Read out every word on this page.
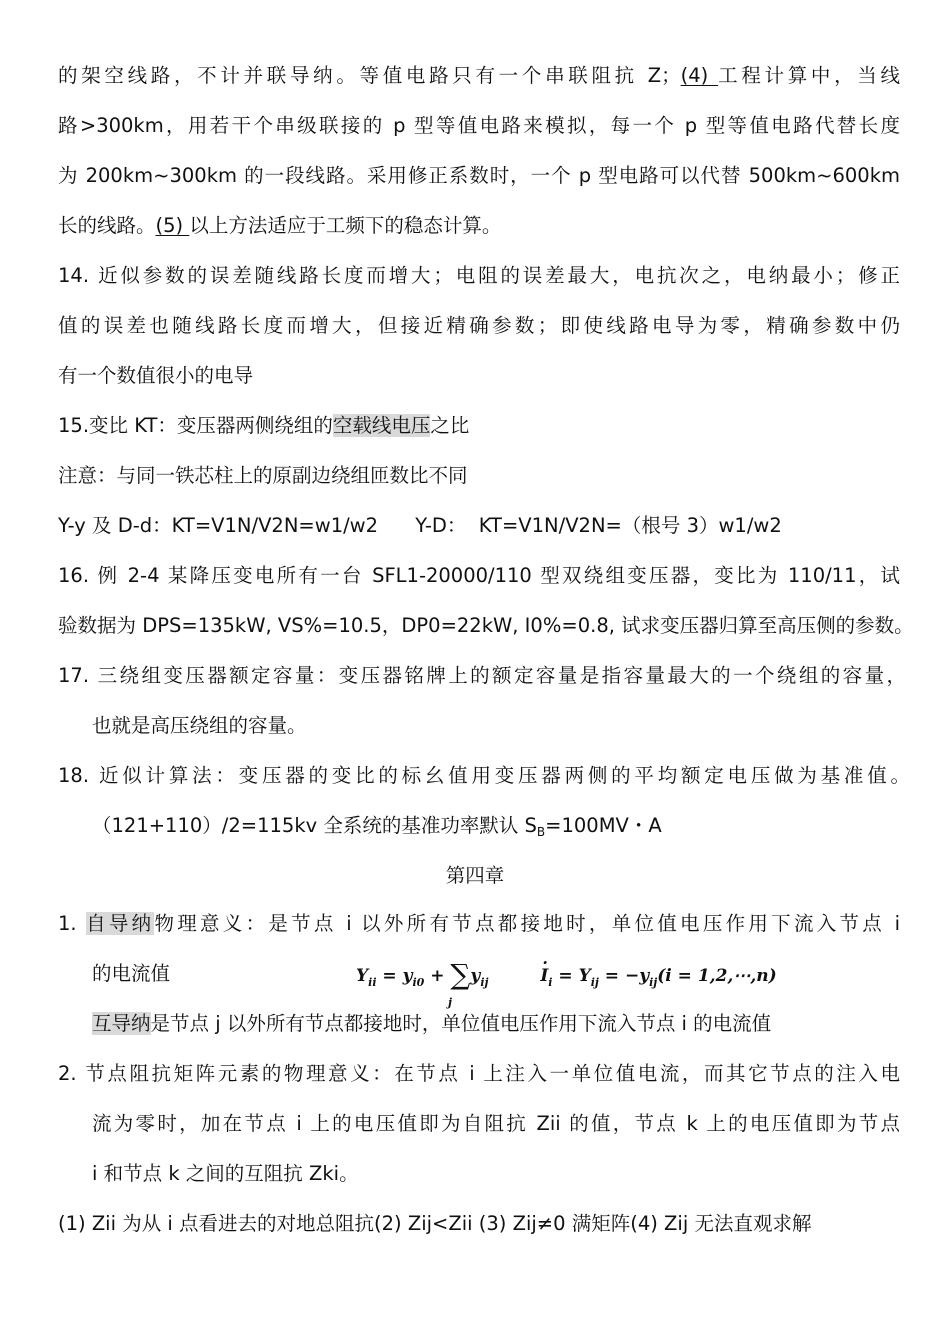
的架空线路，不计并联导纳。等值电路只有一个串联阻抗 Z；(4) 工程计算中，当线
路>300km，用若干个串级联接的 p 型等值电路来模拟，每一个 p 型等值电路代替长度
为 200km~300km 的一段线路。采用修正系数时，一个 p 型电路可以代替 500km~600km
长的线路。(5) 以上方法适应于工频下的稳态计算。
14. 近似参数的误差随线路长度而增大；电阻的误差最大，电抗次之，电纳最小；修正
值的误差也随线路长度而增大，但接近精确参数；即使线路电导为零，精确参数中仍
有一个数值很小的电导
15.变比 KT：变压器两侧绕组的空载线电压之比
注意：与同一铁芯柱上的原副边绕组匝数比不同
Y-y 及 D-d：KT=V1N/V2N=w1/w2      Y-D：  KT=V1N/V2N=（根号 3）w1/w2
16. 例 2-4 某降压变电所有一台 SFL1-20000/110 型双绕组变压器，变比为 110/11，试
验数据为 DPS=135kW, VS%=10.5，DP0=22kW, I0%=0.8, 试求变压器归算至高压侧的参数。
17. 三绕组变压器额定容量：变压器铭牌上的额定容量是指容量最大的一个绕组的容量，
也就是高压绕组的容量。
18. 近似计算法：变压器的变比的标幺值用变压器两侧的平均额定电压做为基准值。
（121+110）/2=115kv 全系统的基准功率默认 $S_B=100MV$・A
第四章
1. 自导纳物理意义：是节点 i 以外所有节点都接地时，单位值电压作用下流入节点 i
的电流值	$Y_{ii} = y_{i0}$ + ∑
j
$y_{ij}$  ·	$I_i = Y_{ij} = -y_{ij}(i$ = 1,2,⋯,n)
互导纳是节点 j 以外所有节点都接地时，单位值电压作用下流入节点 i 的电流值
2. 节点阻抗矩阵元素的物理意义：在节点 i 上注入一单位值电流，而其它节点的注入电
流为零时，加在节点 i 上的电压值即为自阻抗 Zii 的值，节点 k 上的电压值即为节点
i 和节点 k 之间的互阻抗 Zki。
(1) Zii 为从 i 点看进去的对地总阻抗(2) Zij<Zii (3) Zij≠0 满矩阵(4) Zij 无法直观求解
